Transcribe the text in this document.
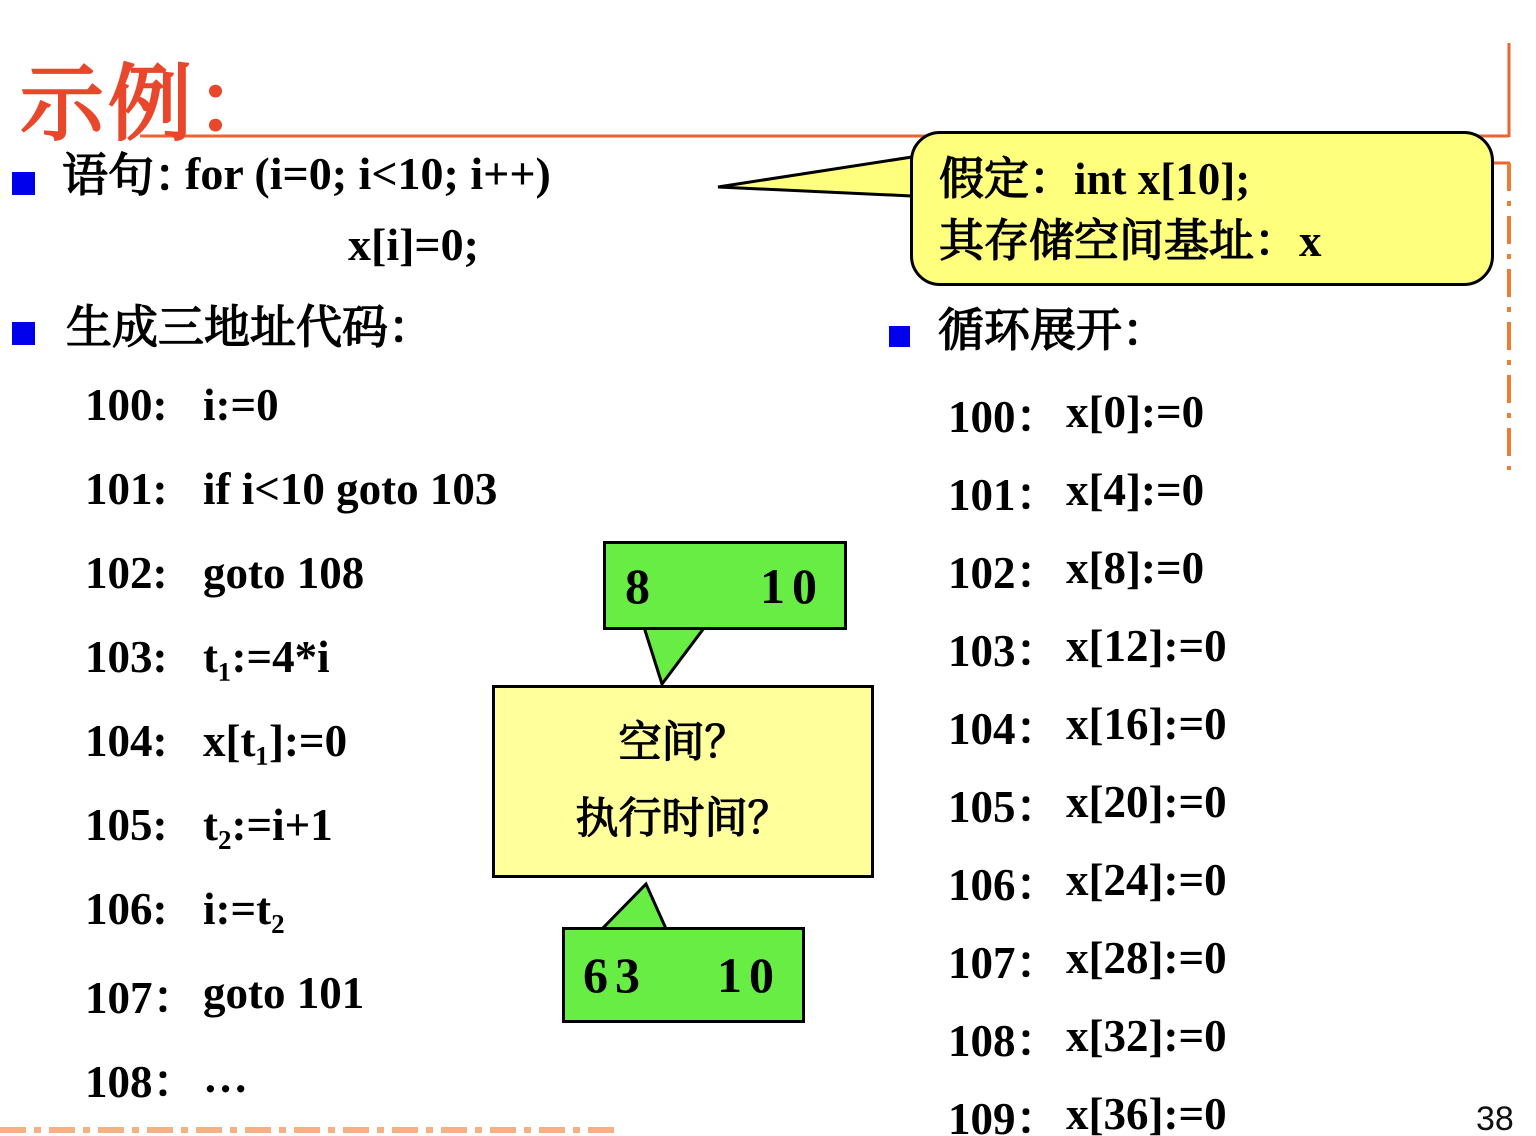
示例：
语句：
for (i=0; i<10; i++)
x[i]=0;
假定：int x[10];
其存储空间基址：x
生成三地址代码：
100: i:=0
101: if i<10 goto 103
102: goto 108
103: t₁:=4*i
104: x[t₁]:=0
105: t₂:=i+1
106: i:=t₂
107： goto 101
108： …
循环展开：
100： x[0]:=0
101： x[4]:=0
102： x[8]:=0
103： x[12]:=0
104： x[16]:=0
105： x[20]:=0
106： x[24]:=0
107： x[28]:=0
108： x[32]:=0
109： x[36]:=0
8 10
空间？
执行时间？
63 10
38
